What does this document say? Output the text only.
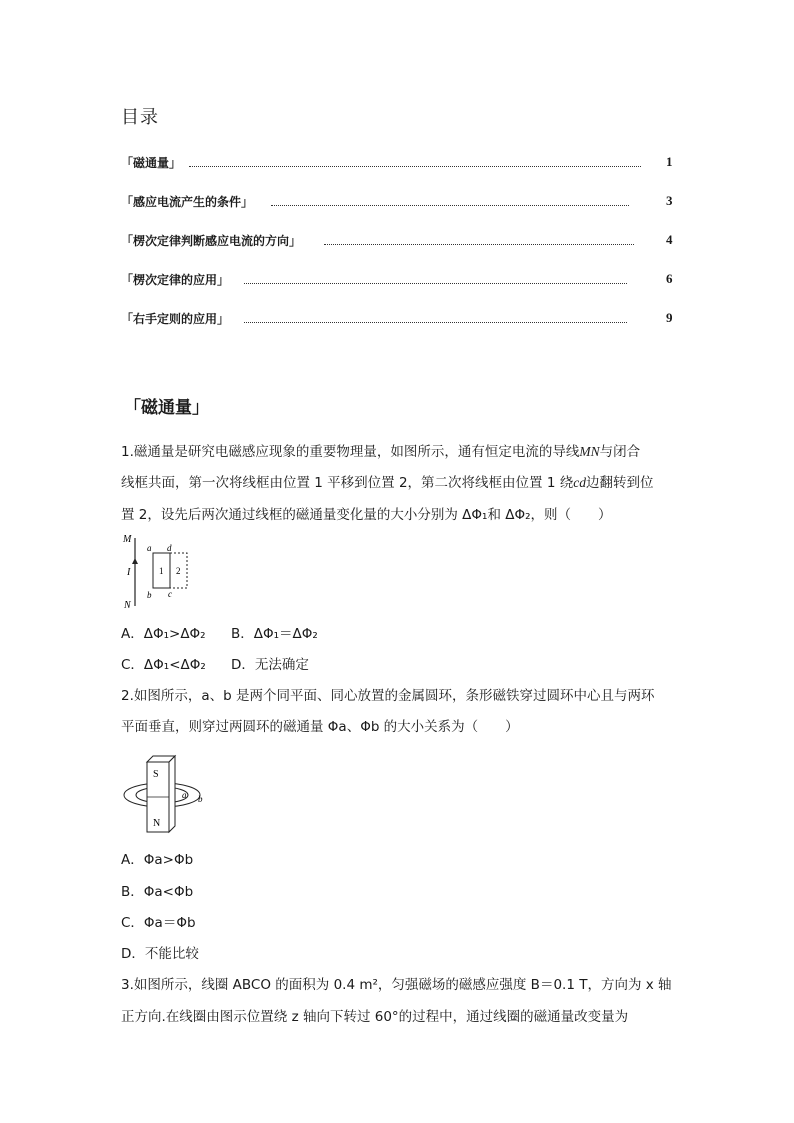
目录
「磁通量」	1
「感应电流产生的条件」	3
「楞次定律判断感应电流的方向」	4
「楞次定律的应用」	6
「右手定则的应用」	9
「磁通量」
1.磁通量是研究电磁感应现象的重要物理量，如图所示，通有恒定电流的导线MN与闭合
线框共面，第一次将线框由位置 1 平移到位置 2，第二次将线框由位置 1 绕cd边翻转到位
置 2，设先后两次通过线框的磁通量变化量的大小分别为 ΔΦ₁和 ΔΦ₂，则（　　）
M
N
I
a d
b c
1 2
A．ΔΦ₁>ΔΦ₂ B．ΔΦ₁＝ΔΦ₂
C．ΔΦ₁<ΔΦ₂ D．无法确定
2.如图所示，a、b 是两个同平面、同心放置的金属圆环，条形磁铁穿过圆环中心且与两环
平面垂直，则穿过两圆环的磁通量 Φa、Φb 的大小关系为（　　）
S
N
a b
A．Φa>Φb
B．Φa<Φb
C．Φa＝Φb
D．不能比较
3.如图所示，线圈 ABCO 的面积为 0.4 m²，匀强磁场的磁感应强度 B＝0.1 T，方向为 x 轴
正方向.在线圈由图示位置绕 z 轴向下转过 60°的过程中，通过线圈的磁通量改变量为
